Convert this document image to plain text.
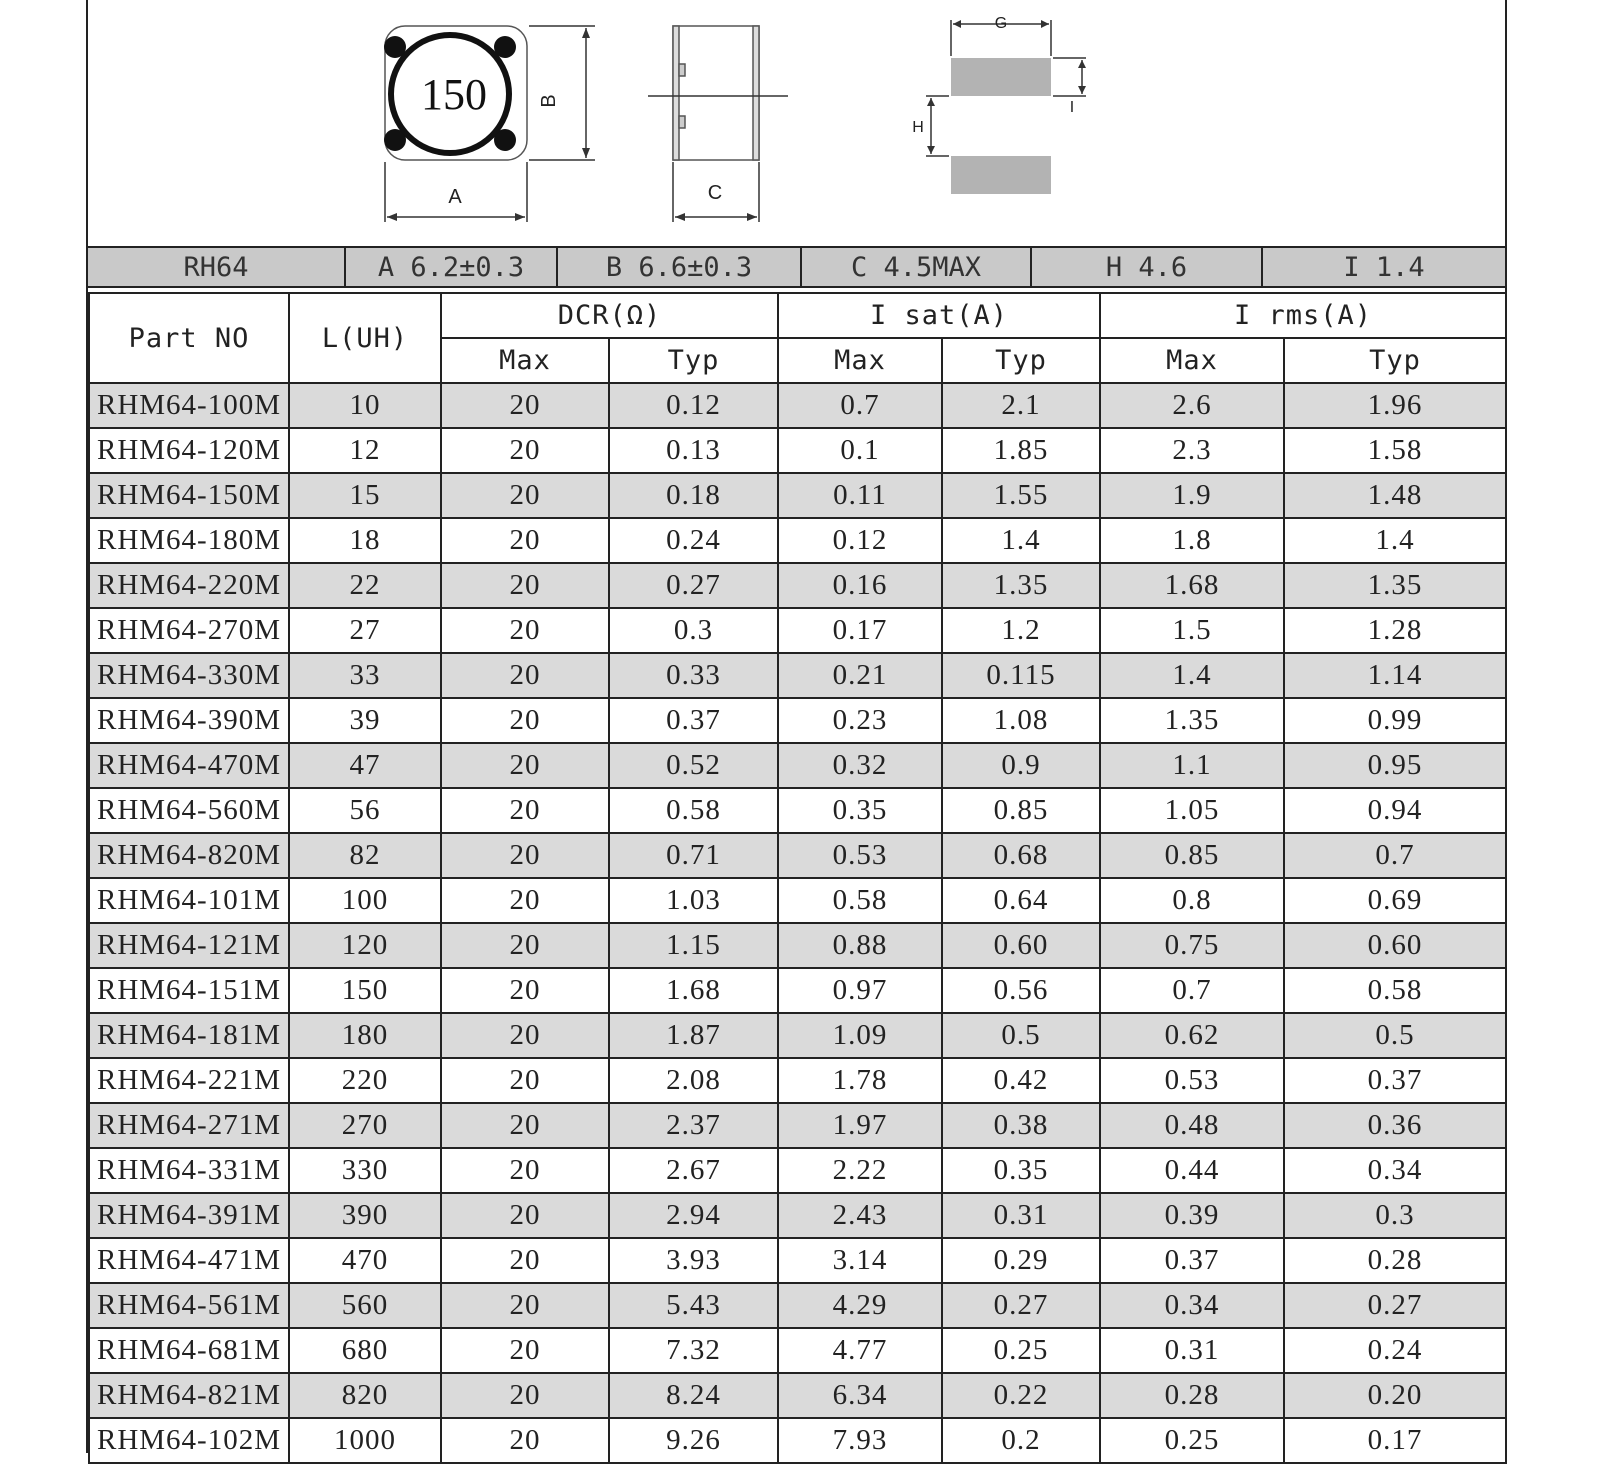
150
A
B
C
G
H
I
RH64	A 6.2±0.3	B 6.6±0.3	C 4.5MAX	H 4.6	I 1.4
Part NO	L(UH)	DCR(Ω)		I sat(A)		I rms(A)	
		Max	Typ	Max	Typ	Max	Typ
RHM64-100M	10	20	0.12	0.7	2.1	2.6	1.96
RHM64-120M	12	20	0.13	0.1	1.85	2.3	1.58
RHM64-150M	15	20	0.18	0.11	1.55	1.9	1.48
RHM64-180M	18	20	0.24	0.12	1.4	1.8	1.4
RHM64-220M	22	20	0.27	0.16	1.35	1.68	1.35
RHM64-270M	27	20	0.3	0.17	1.2	1.5	1.28
RHM64-330M	33	20	0.33	0.21	0.115	1.4	1.14
RHM64-390M	39	20	0.37	0.23	1.08	1.35	0.99
RHM64-470M	47	20	0.52	0.32	0.9	1.1	0.95
RHM64-560M	56	20	0.58	0.35	0.85	1.05	0.94
RHM64-820M	82	20	0.71	0.53	0.68	0.85	0.7
RHM64-101M	100	20	1.03	0.58	0.64	0.8	0.69
RHM64-121M	120	20	1.15	0.88	0.60	0.75	0.60
RHM64-151M	150	20	1.68	0.97	0.56	0.7	0.58
RHM64-181M	180	20	1.87	1.09	0.5	0.62	0.5
RHM64-221M	220	20	2.08	1.78	0.42	0.53	0.37
RHM64-271M	270	20	2.37	1.97	0.38	0.48	0.36
RHM64-331M	330	20	2.67	2.22	0.35	0.44	0.34
RHM64-391M	390	20	2.94	2.43	0.31	0.39	0.3
RHM64-471M	470	20	3.93	3.14	0.29	0.37	0.28
RHM64-561M	560	20	5.43	4.29	0.27	0.34	0.27
RHM64-681M	680	20	7.32	4.77	0.25	0.31	0.24
RHM64-821M	820	20	8.24	6.34	0.22	0.28	0.20
RHM64-102M	1000	20	9.26	7.93	0.2	0.25	0.17
